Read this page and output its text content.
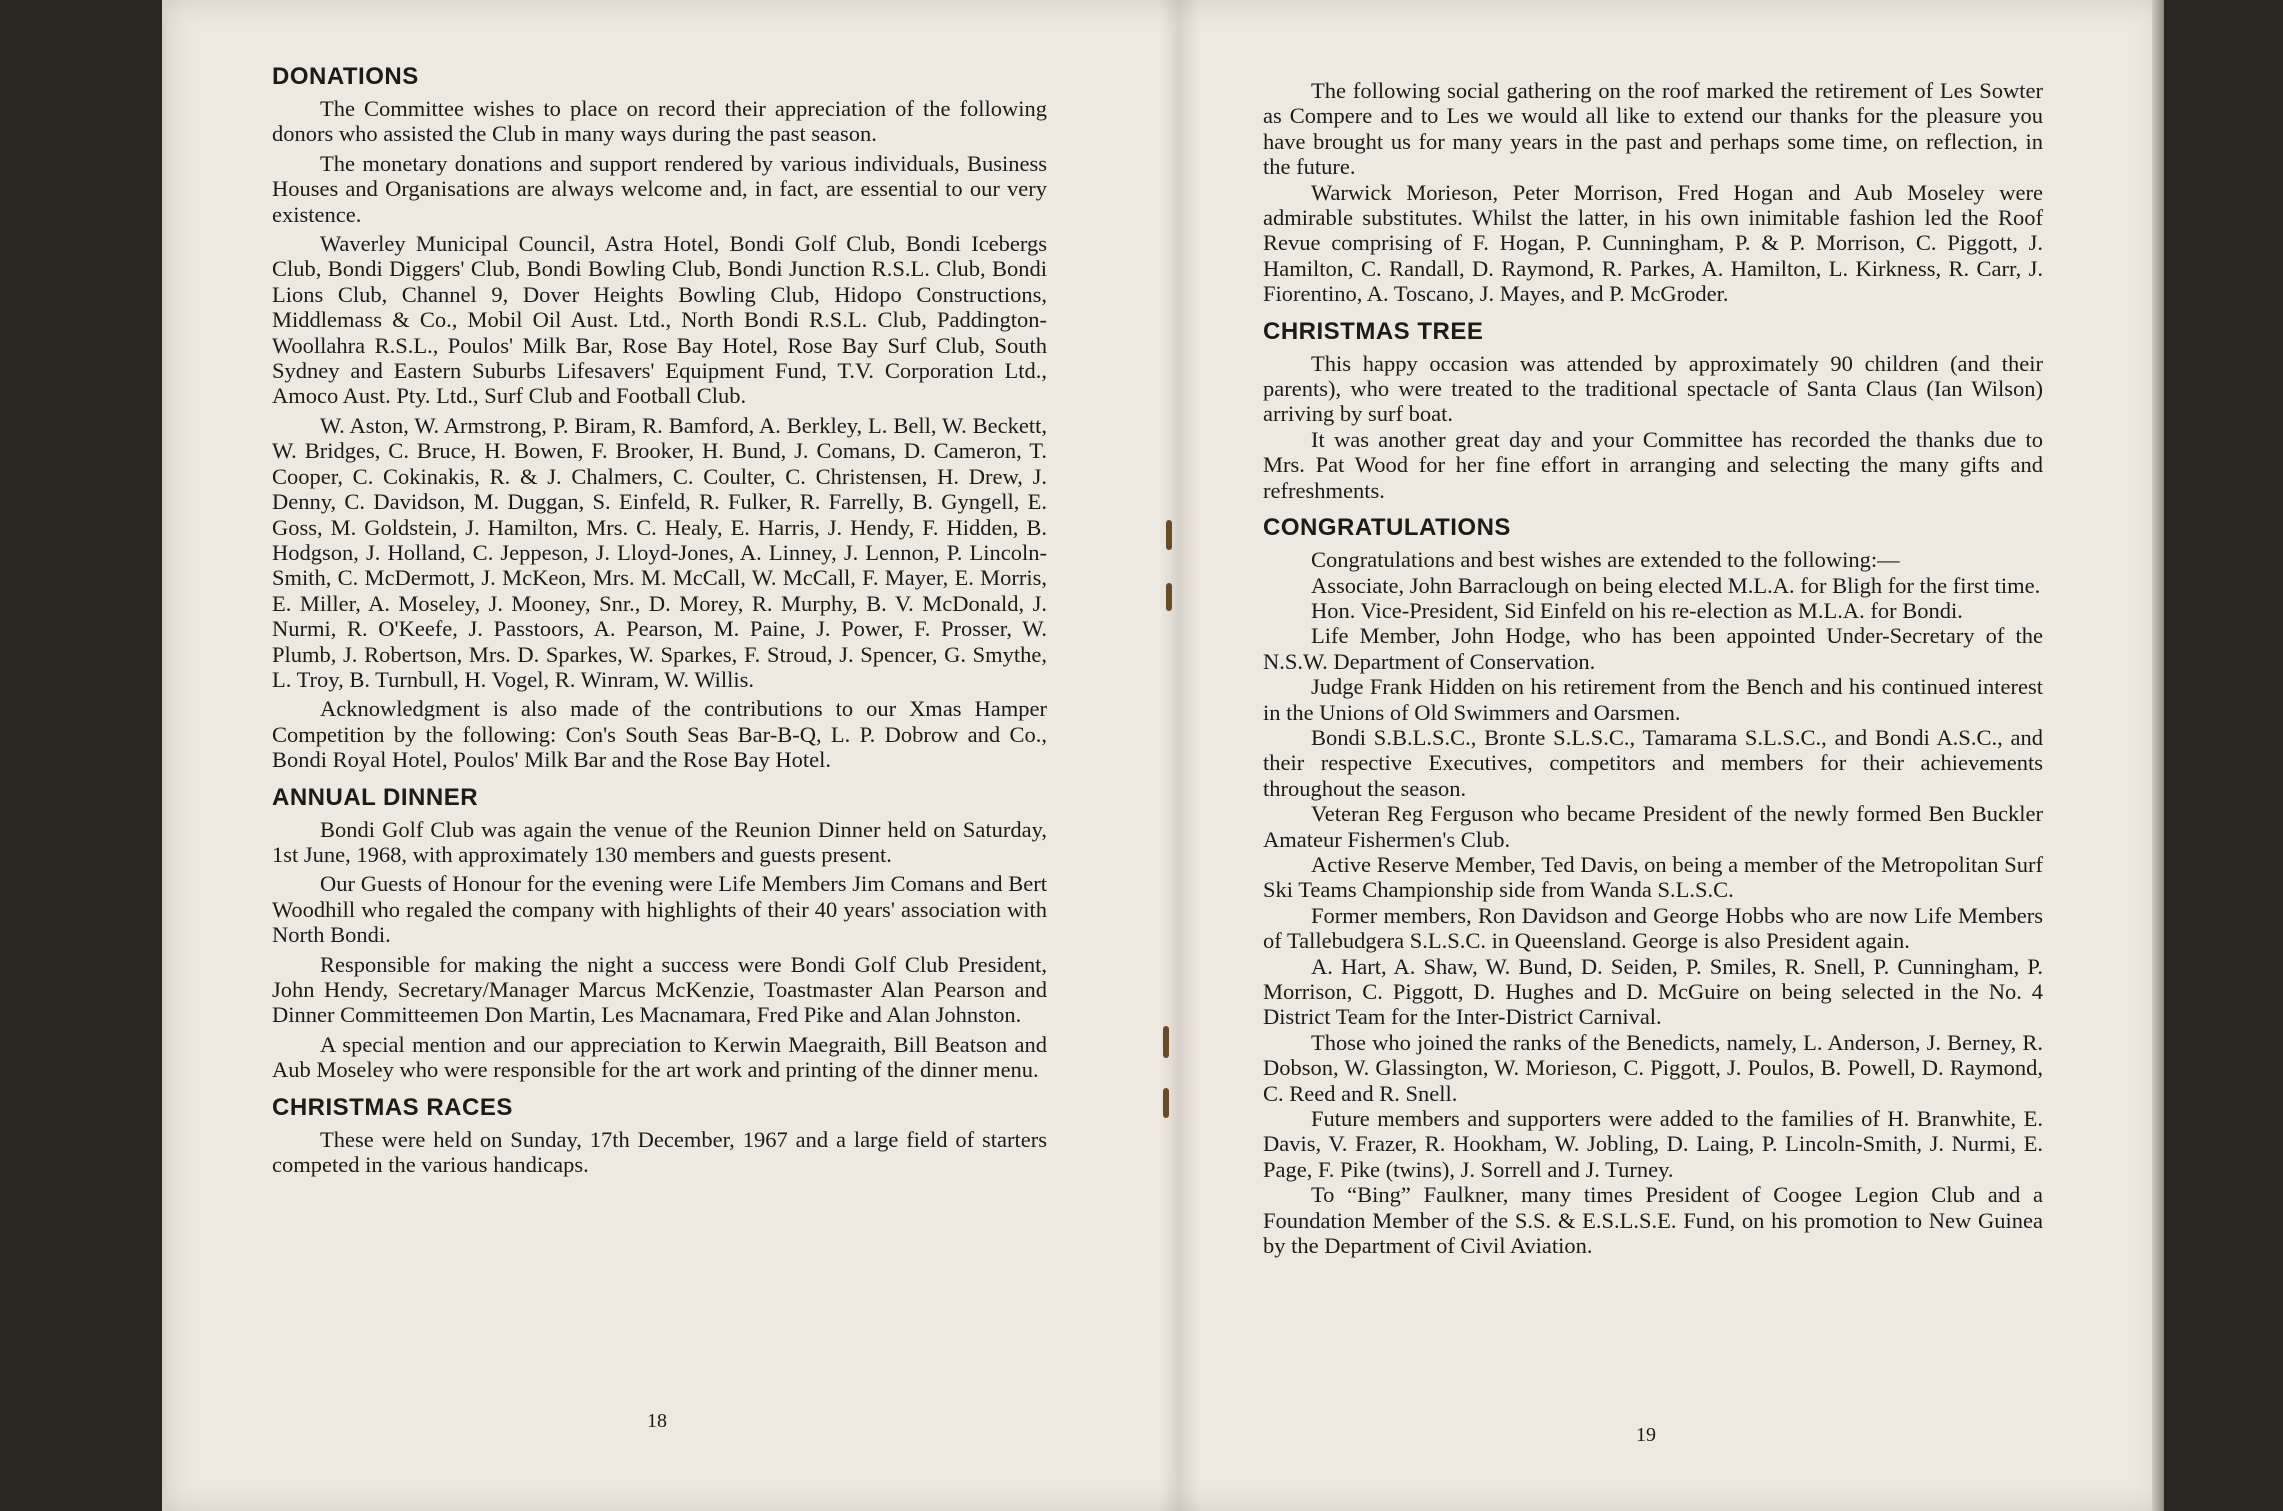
DONATIONS

The Committee wishes to place on record their appreciation of the following donors who assisted the Club in many ways during the past season.

The monetary donations and support rendered by various individuals, Business Houses and Organisations are always welcome and, in fact, are essential to our very existence.

Waverley Municipal Council, Astra Hotel, Bondi Golf Club, Bondi Icebergs Club, Bondi Diggers' Club, Bondi Bowling Club, Bondi Junction R.S.L. Club, Bondi Lions Club, Channel 9, Dover Heights Bowling Club, Hidopo Constructions, Middlemass & Co., Mobil Oil Aust. Ltd., North Bondi R.S.L. Club, Paddington-Woollahra R.S.L., Poulos' Milk Bar, Rose Bay Hotel, Rose Bay Surf Club, South Sydney and Eastern Suburbs Lifesavers' Equipment Fund, T.V. Corporation Ltd., Amoco Aust. Pty. Ltd., Surf Club and Football Club.

W. Aston, W. Armstrong, P. Biram, R. Bamford, A. Berkley, L. Bell, W. Beckett, W. Bridges, C. Bruce, H. Bowen, F. Brooker, H. Bund, J. Comans, D. Cameron, T. Cooper, C. Cokinakis, R. & J. Chalmers, C. Coulter, C. Christensen, H. Drew, J. Denny, C. Davidson, M. Duggan, S. Einfeld, R. Fulker, R. Farrelly, B. Gyngell, E. Goss, M. Goldstein, J. Hamilton, Mrs. C. Healy, E. Harris, J. Hendy, F. Hidden, B. Hodgson, J. Holland, C. Jeppeson, J. Lloyd-Jones, A. Linney, J. Lennon, P. Lincoln-Smith, C. McDermott, J. McKeon, Mrs. M. McCall, W. McCall, F. Mayer, E. Morris, E. Miller, A. Moseley, J. Mooney, Snr., D. Morey, R. Murphy, B. V. McDonald, J. Nurmi, R. O'Keefe, J. Passtoors, A. Pearson, M. Paine, J. Power, F. Prosser, W. Plumb, J. Robertson, Mrs. D. Sparkes, W. Sparkes, F. Stroud, J. Spencer, G. Smythe, L. Troy, B. Turnbull, H. Vogel, R. Winram, W. Willis.

Acknowledgment is also made of the contributions to our Xmas Hamper Competition by the following: Con's South Seas Bar-B-Q, L. P. Dobrow and Co., Bondi Royal Hotel, Poulos' Milk Bar and the Rose Bay Hotel.

ANNUAL DINNER

Bondi Golf Club was again the venue of the Reunion Dinner held on Saturday, 1st June, 1968, with approximately 130 members and guests present.

Our Guests of Honour for the evening were Life Members Jim Comans and Bert Woodhill who regaled the company with highlights of their 40 years' association with North Bondi.

Responsible for making the night a success were Bondi Golf Club President, John Hendy, Secretary/Manager Marcus McKenzie, Toastmaster Alan Pearson and Dinner Committeemen Don Martin, Les Macnamara, Fred Pike and Alan Johnston.

A special mention and our appreciation to Kerwin Maegraith, Bill Beatson and Aub Moseley who were responsible for the art work and printing of the dinner menu.

CHRISTMAS RACES

These were held on Sunday, 17th December, 1967 and a large field of starters competed in the various handicaps.

18

The following social gathering on the roof marked the retirement of Les Sowter as Compere and to Les we would all like to extend our thanks for the pleasure you have brought us for many years in the past and perhaps some time, on reflection, in the future.

Warwick Morieson, Peter Morrison, Fred Hogan and Aub Moseley were admirable substitutes. Whilst the latter, in his own inimitable fashion led the Roof Revue comprising of F. Hogan, P. Cunningham, P. & P. Morrison, C. Piggott, J. Hamilton, C. Randall, D. Raymond, R. Parkes, A. Hamilton, L. Kirkness, R. Carr, J. Fiorentino, A. Toscano, J. Mayes, and P. McGroder.

CHRISTMAS TREE

This happy occasion was attended by approximately 90 children (and their parents), who were treated to the traditional spectacle of Santa Claus (Ian Wilson) arriving by surf boat.

It was another great day and your Committee has recorded the thanks due to Mrs. Pat Wood for her fine effort in arranging and selecting the many gifts and refreshments.

CONGRATULATIONS

Congratulations and best wishes are extended to the following:—

Associate, John Barraclough on being elected M.L.A. for Bligh for the first time.

Hon. Vice-President, Sid Einfeld on his re-election as M.L.A. for Bondi.

Life Member, John Hodge, who has been appointed Under-Secretary of the N.S.W. Department of Conservation.

Judge Frank Hidden on his retirement from the Bench and his continued interest in the Unions of Old Swimmers and Oarsmen.

Bondi S.B.L.S.C., Bronte S.L.S.C., Tamarama S.L.S.C., and Bondi A.S.C., and their respective Executives, competitors and members for their achievements throughout the season.

Veteran Reg Ferguson who became President of the newly formed Ben Buckler Amateur Fishermen's Club.

Active Reserve Member, Ted Davis, on being a member of the Metropolitan Surf Ski Teams Championship side from Wanda S.L.S.C.

Former members, Ron Davidson and George Hobbs who are now Life Members of Tallebudgera S.L.S.C. in Queensland. George is also President again.

A. Hart, A. Shaw, W. Bund, D. Seiden, P. Smiles, R. Snell, P. Cunningham, P. Morrison, C. Piggott, D. Hughes and D. McGuire on being selected in the No. 4 District Team for the Inter-District Carnival.

Those who joined the ranks of the Benedicts, namely, L. Anderson, J. Berney, R. Dobson, W. Glassington, W. Morieson, C. Piggott, J. Poulos, B. Powell, D. Raymond, C. Reed and R. Snell.

Future members and supporters were added to the families of H. Branwhite, E. Davis, V. Frazer, R. Hookham, W. Jobling, D. Laing, P. Lincoln-Smith, J. Nurmi, E. Page, F. Pike (twins), J. Sorrell and J. Turney.

To “Bing” Faulkner, many times President of Coogee Legion Club and a Foundation Member of the S.S. & E.S.L.S.E. Fund, on his promotion to New Guinea by the Department of Civil Aviation.

19
